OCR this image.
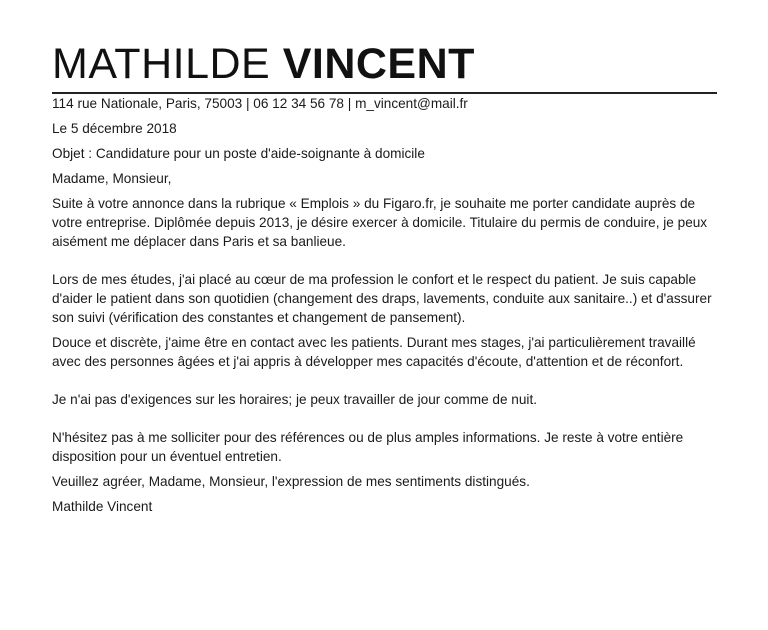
MATHILDE VINCENT

114 rue Nationale, Paris, 75003 | 06 12 34 56 78 | m_vincent@mail.fr

Le 5 décembre 2018

Objet : Candidature pour un poste d'aide-soignante à domicile

Madame, Monsieur,

Suite à votre annonce dans la rubrique « Emplois » du Figaro.fr, je souhaite me porter candidate auprès de votre entreprise. Diplômée depuis 2013, je désire exercer à domicile. Titulaire du permis de conduire, je peux aisément me déplacer dans Paris et sa banlieue.

Lors de mes études, j'ai placé au cœur de ma profession le confort et le respect du patient. Je suis capable d'aider le patient dans son quotidien (changement des draps, lavements, conduite aux sanitaire..) et d'assurer son suivi (vérification des constantes et changement de pansement).

Douce et discrète, j'aime être en contact avec les patients. Durant mes stages, j'ai particulièrement travaillé avec des personnes âgées et j'ai appris à développer mes capacités d'écoute, d'attention et de réconfort.

Je n'ai pas d'exigences sur les horaires; je peux travailler de jour comme de nuit.

N'hésitez pas à me solliciter pour des références ou de plus amples informations. Je reste à votre entière disposition pour un éventuel entretien.

Veuillez agréer, Madame, Monsieur, l'expression de mes sentiments distingués.

Mathilde Vincent
